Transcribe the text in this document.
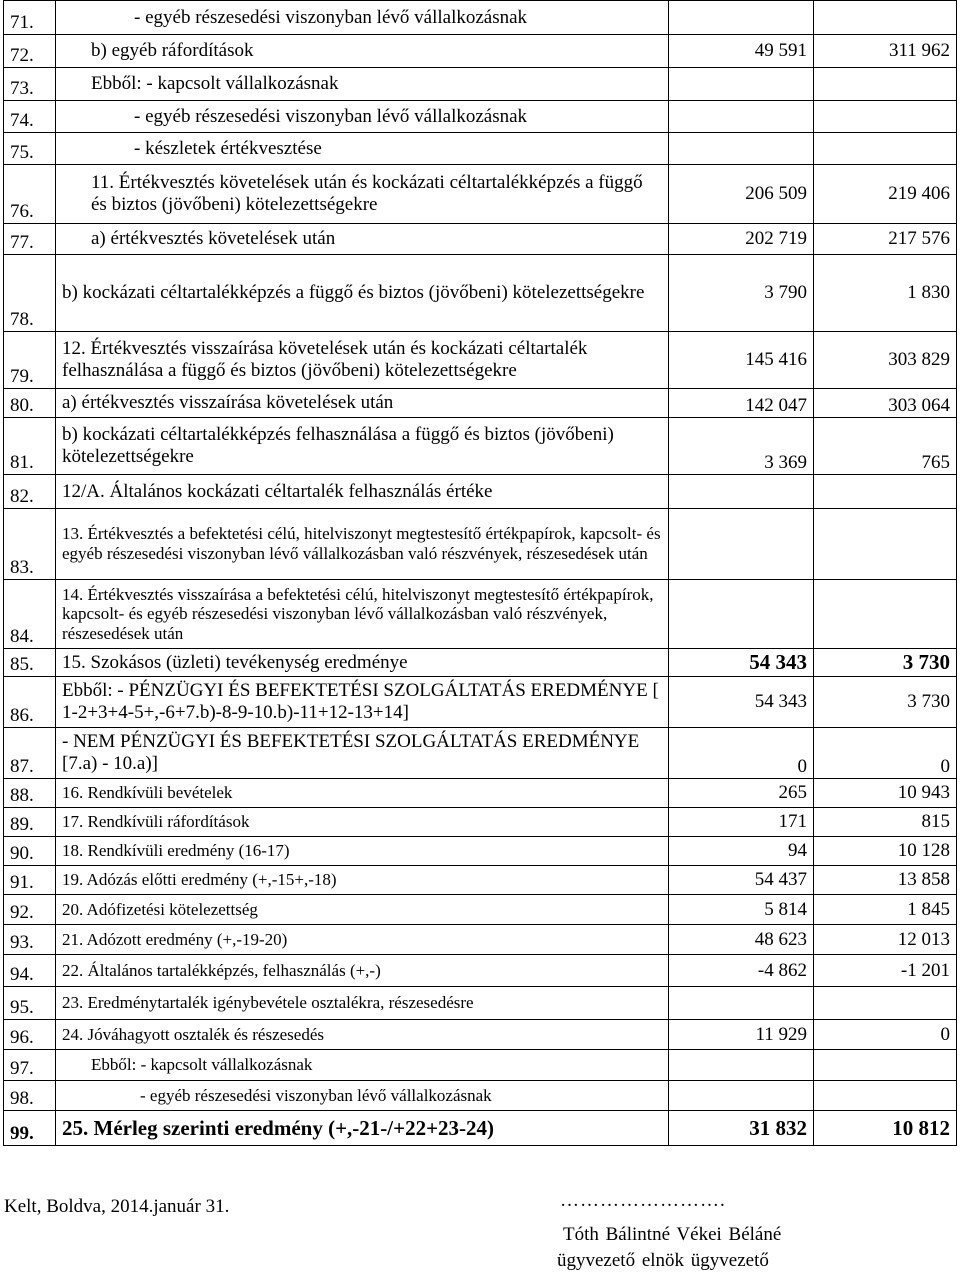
71.	- egyéb részesedési viszonyban lévő vállalkozásnak		
72.	b) egyéb ráfordítások	49 591	311 962
73.	Ebből: - kapcsolt vállalkozásnak		
74.	- egyéb részesedési viszonyban lévő vállalkozásnak		
75.	- készletek értékvesztése		
76.	11. Értékvesztés követelések után és kockázati céltartalékképzés a függő és biztos (jövőbeni) kötelezettségekre	206 509	219 406
77.	a) értékvesztés követelések után	202 719	217 576
78.	b) kockázati céltartalékképzés a függő és biztos (jövőbeni) kötelezettségekre	3 790	1 830
79.	12. Értékvesztés visszaírása követelések után és kockázati céltartalék felhasználása a függő és biztos (jövőbeni) kötelezettségekre	145 416	303 829
80.	a) értékvesztés visszaírása követelések után	142 047	303 064
81.	b) kockázati céltartalékképzés felhasználása a függő és biztos (jövőbeni) kötelezettségekre	3 369	765
82.	12/A. Általános kockázati céltartalék felhasználás értéke		
83.	13. Értékvesztés a befektetési célú, hitelviszonyt megtestesítő értékpapírok, kapcsolt- és egyéb részesedési viszonyban lévő vállalkozásban való részvények, részesedések után		
84.	14. Értékvesztés visszaírása a befektetési célú, hitelviszonyt megtestesítő értékpapírok, kapcsolt- és egyéb részesedési viszonyban lévő vállalkozásban való részvények, részesedések után		
85.	15. Szokásos (üzleti) tevékenység eredménye	54 343	3 730
86.	Ebből: - PÉNZÜGYI ÉS BEFEKTETÉSI SZOLGÁLTATÁS EREDMÉNYE [ 1-2+3+4-5+,-6+7.b)-8-9-10.b)-11+12-13+14]	54 343	3 730
87.	- NEM PÉNZÜGYI ÉS BEFEKTETÉSI SZOLGÁLTATÁS EREDMÉNYE [7.a) - 10.a)]	0	0
88.	16. Rendkívüli bevételek	265	10 943
89.	17. Rendkívüli ráfordítások	171	815
90.	18. Rendkívüli eredmény (16-17)	94	10 128
91.	19. Adózás előtti eredmény (+,-15+,-18)	54 437	13 858
92.	20. Adófizetési kötelezettség	5 814	1 845
93.	21. Adózott eredmény (+,-19-20)	48 623	12 013
94.	22. Általános tartalékképzés, felhasználás (+,-)	-4 862	-1 201
95.	23. Eredménytartalék igénybevétele osztalékra, részesedésre		
96.	24. Jóváhagyott osztalék és részesedés	11 929	0
97.	Ebből: - kapcsolt vállalkozásnak		
98.	- egyéb részesedési viszonyban lévő vállalkozásnak		
99.	25. Mérleg szerinti eredmény (+,-21-/+22+23-24)	31 832	10 812
Kelt, Boldva, 2014.január 31.	…………………….
Tóth Bálintné Vékei Béláné
ügyvezető elnök ügyvezető
